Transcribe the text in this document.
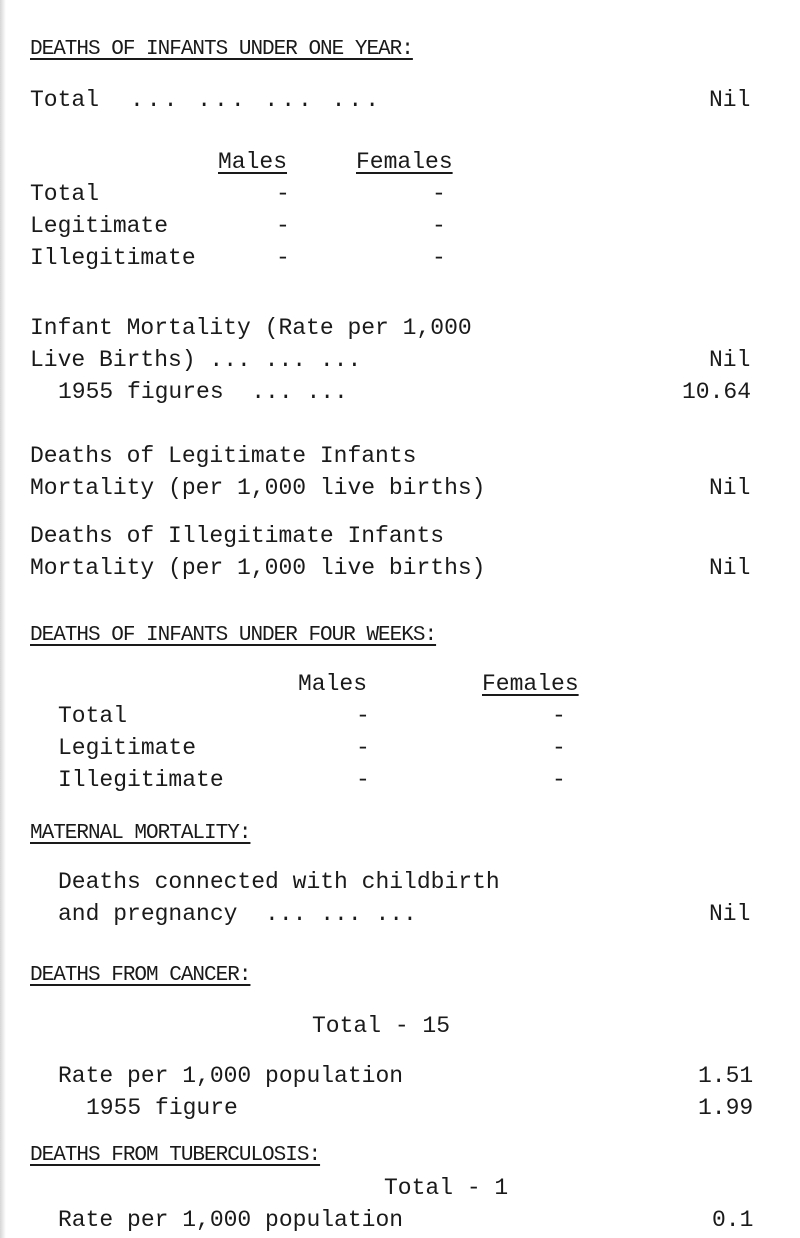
DEATHS OF INFANTS UNDER ONE YEAR:
Total ... ... ... ...	Nil
Males	Females
Total	-	-
Legitimate	-	-
Illegitimate	-	-
Infant Mortality (Rate per 1,000
Live Births) ... ... ...	Nil
1955 figures  ... ...	10.64
Deaths of Legitimate Infants
Mortality (per 1,000 live births)	Nil
Deaths of Illegitimate Infants
Mortality (per 1,000 live births)	Nil
DEATHS OF INFANTS UNDER FOUR WEEKS:
Males	Females
Total	-	-
Legitimate	-	-
Illegitimate	-	-
MATERNAL MORTALITY:
Deaths connected with childbirth
and pregnancy  ... ... ...	Nil
DEATHS FROM CANCER:
Total - 15
Rate per 1,000 population	1.51
1955 figure	1.99
DEATHS FROM TUBERCULOSIS:
Total - 1
Rate per 1,000 population	0.1
